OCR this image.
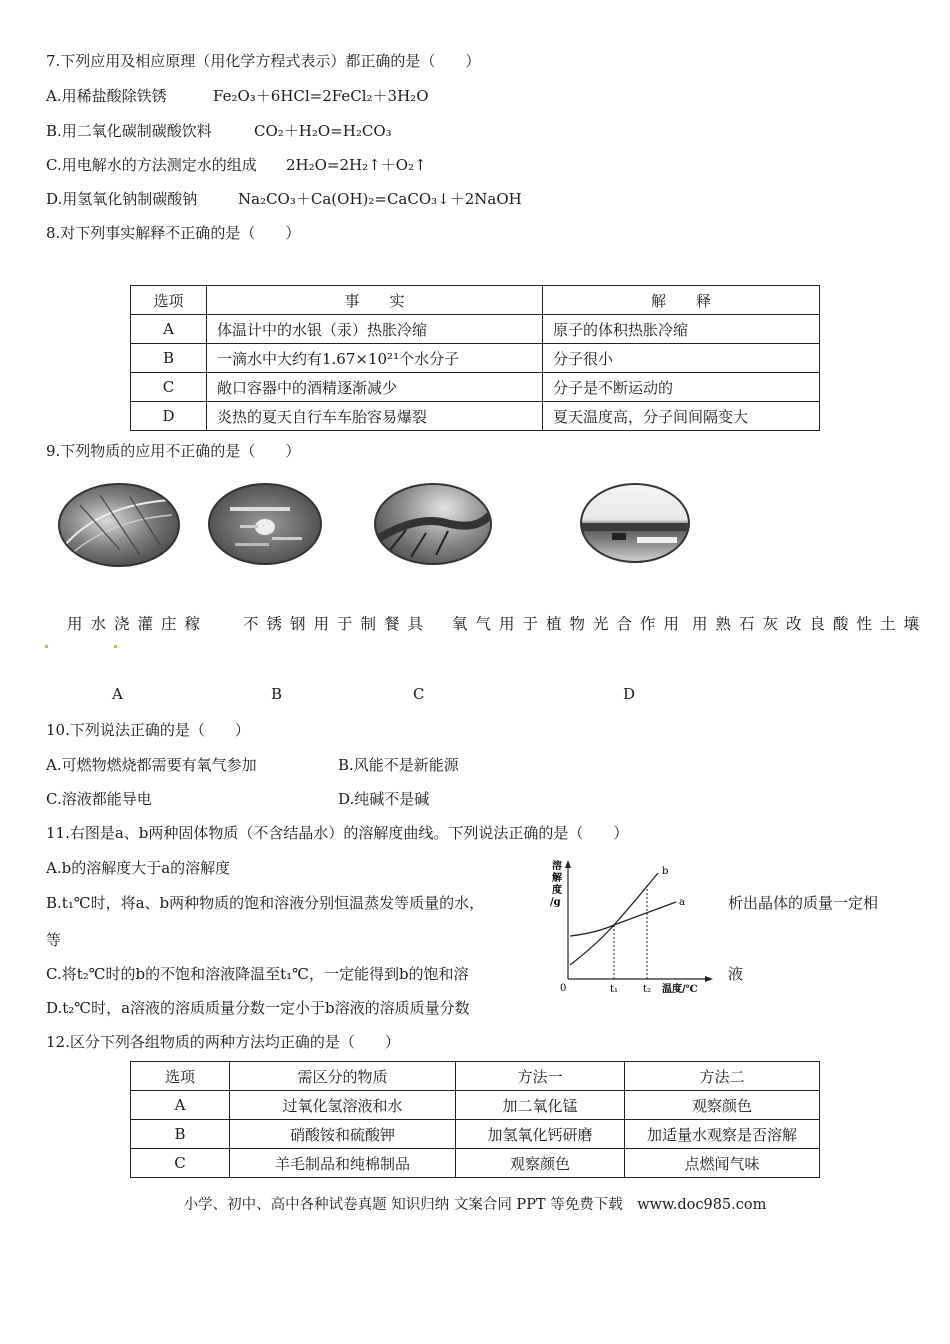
7.下列应用及相应原理（用化学方程式表示）都正确的是（　　）
A.用稀盐酸除铁锈	Fe₂O₃＋6HCl=2FeCl₂＋3H₂O
B.用二氧化碳制碳酸饮料	CO₂＋H₂O=H₂CO₃
C.用电解水的方法测定水的组成 2H₂O=2H₂↑＋O₂↑
D.用氢氧化钠制碳酸钠	Na₂CO₃＋Ca(OH)₂=CaCO₃↓＋2NaOH
8.对下列事实解释不正确的是（　　）
选项	事　　实	解　　释
A	体温计中的水银（汞）热胀冷缩	原子的体积热胀冷缩
B	一滴水中大约有1.67×10²¹个水分子	分子很小
C	敞口容器中的酒精逐渐减少	分子是不断运动的
D	炎热的夏天自行车车胎容易爆裂	夏天温度高，分子间间隔变大
9.下列物质的应用不正确的是（　　）
用水浇灌庄稼 不锈钢用于制餐具 氧气用于植物光合作用 用熟石灰改良酸性土壤
A	B	C	D
10.下列说法正确的是（　　）
A.可燃物燃烧都需要有氧气参加	B.风能不是新能源
C.溶液都能导电	D.纯碱不是碱
11.右图是a、b两种固体物质（不含结晶水）的溶解度曲线。下列说法正确的是（　　）
A.b的溶解度大于a的溶解度
B.t₁℃时，将a、b两种物质的饱和溶液分别恒温蒸发等质量的水，	析出晶体的质量一定相
等
C.将t₂℃时的b的不饱和溶液降温至t₁℃，一定能得到b的饱和溶	液
D.t₂℃时，a溶液的溶质质量分数一定小于b溶液的溶质质量分数
溶 解 度 /g
0	t₁ t₂ 温度/℃
a
b
12.区分下列各组物质的两种方法均正确的是（　　）
选项	需区分的物质	方法一	方法二
A	过氧化氢溶液和水	加二氧化锰	观察颜色
B	硝酸铵和硫酸钾	加氢氧化钙研磨	加适量水观察是否溶解
C	羊毛制品和纯棉制品	观察颜色	点燃闻气味
小学、初中、高中各种试卷真题 知识归纳 文案合同 PPT 等免费下载　www.doc985.com
